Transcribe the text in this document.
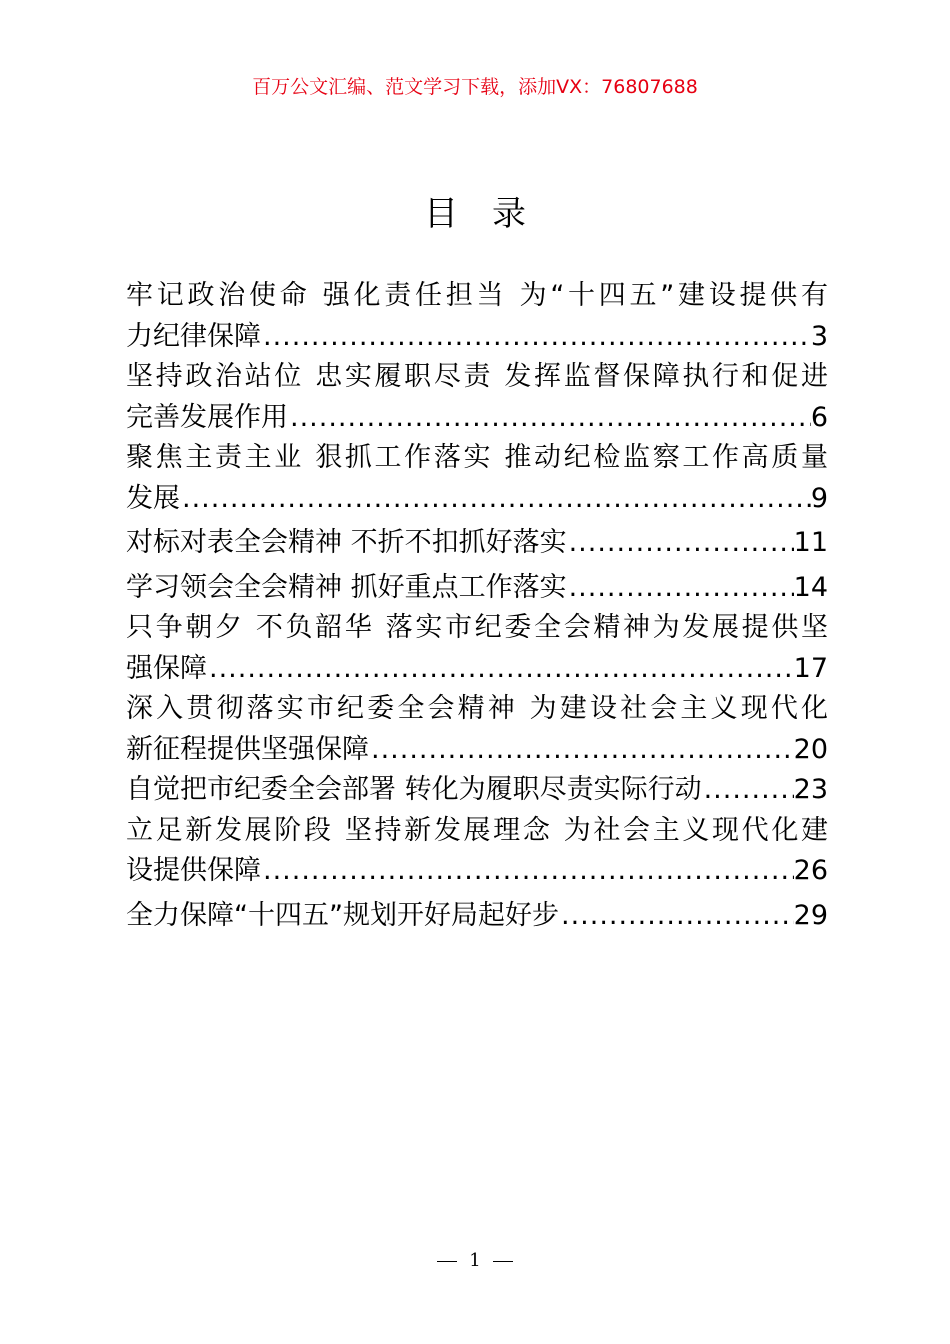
百万公文汇编、范文学习下载，添加VX：76807688
目录
牢记政治使命 强化责任担当 为“十四五”建设提供有
力纪律保障 .....	3
坚持政治站位 忠实履职尽责 发挥监督保障执行和促进
完善发展作用 .....	6
聚焦主责主业 狠抓工作落实 推动纪检监察工作高质量
发展 .....	9
对标对表全会精神 不折不扣抓好落实 .....	11
学习领会全会精神 抓好重点工作落实 .....	14
只争朝夕 不负韶华 落实市纪委全会精神为发展提供坚
强保障 .....	17
深入贯彻落实市纪委全会精神 为建设社会主义现代化
新征程提供坚强保障 .....	20
自觉把市纪委全会部署 转化为履职尽责实际行动 .....	23
立足新发展阶段 坚持新发展理念 为社会主义现代化建
设提供保障 .....	26
全力保障“十四五”规划开好局起好步 .....	29
1
